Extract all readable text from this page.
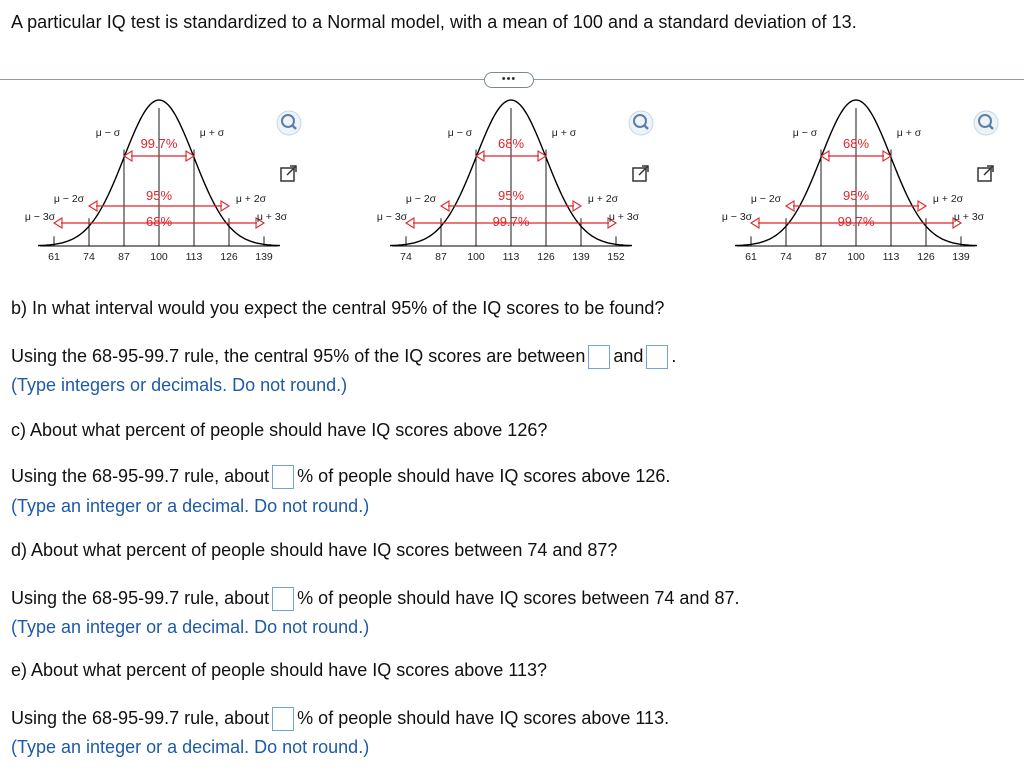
A particular IQ test is standardized to a Normal model, with a mean of 100 and a standard deviation of 13.
•••
99.7%
95%
68%
μ − σ	μ + σ
μ − 2σ	μ + 2σ
μ − 3σ	μ + 3σ
61 74 87 100 113 126 139
68%
95%
99.7%
μ − σ	μ + σ
μ − 2σ	μ + 2σ
μ − 3σ	μ + 3σ
74 87 100 113 126 139 152
68%
95%
99.7%
μ − σ	μ + σ
μ − 2σ	μ + 2σ
μ − 3σ	μ + 3σ
61 74 87 100 113 126 139
b) In what interval would you expect the central 95% of the IQ scores to be found?
Using the 68-95-99.7 rule, the central 95% of the IQ scores are between and .
(Type integers or decimals. Do not round.)
c) About what percent of people should have IQ scores above 126?
Using the 68-95-99.7 rule, about % of people should have IQ scores above 126.
(Type an integer or a decimal. Do not round.)
d) About what percent of people should have IQ scores between 74 and 87?
Using the 68-95-99.7 rule, about % of people should have IQ scores between 74 and 87.
(Type an integer or a decimal. Do not round.)
e) About what percent of people should have IQ scores above 113?
Using the 68-95-99.7 rule, about % of people should have IQ scores above 113.
(Type an integer or a decimal. Do not round.)
